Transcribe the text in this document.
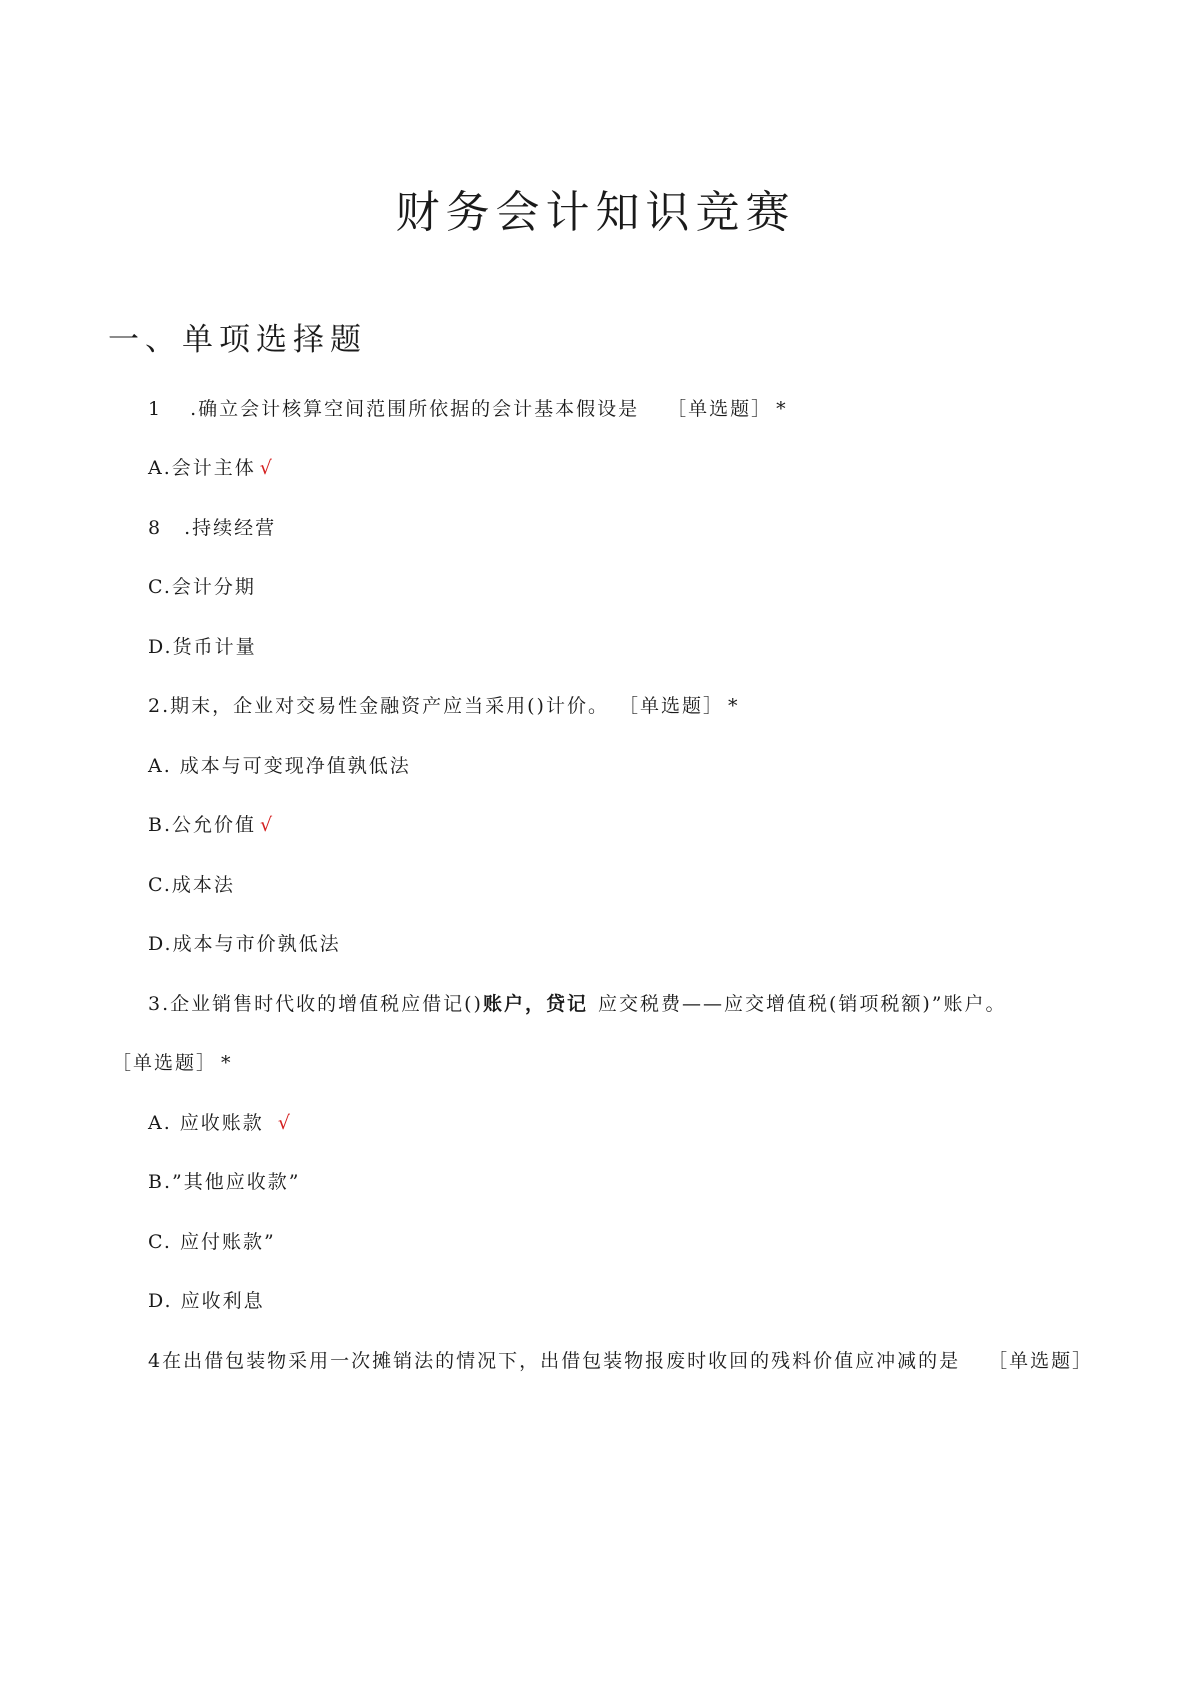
财务会计知识竞赛
一、单项选择题
1 .确立会计核算空间范围所依据的会计基本假设是 ［单选题］ *
A.会计主体 √
8 .持续经营
C.会计分期
D.货币计量
2.期末，企业对交易性金融资产应当采用()计价。 ［单选题］ *
A. 成本与可变现净值孰低法
B.公允价值 √
C.成本法
D.成本与市价孰低法
3.企业销售时代收的增值税应借记()账户，贷记 应交税费——应交增值税(销项税额)”账户。
［单选题］ *
A. 应收账款 √
B.”其他应收款”
C. 应付账款”
D. 应收利息
4在出借包装物采用一次摊销法的情况下，出借包装物报废时收回的残料价值应冲减的是 ［单选题］
